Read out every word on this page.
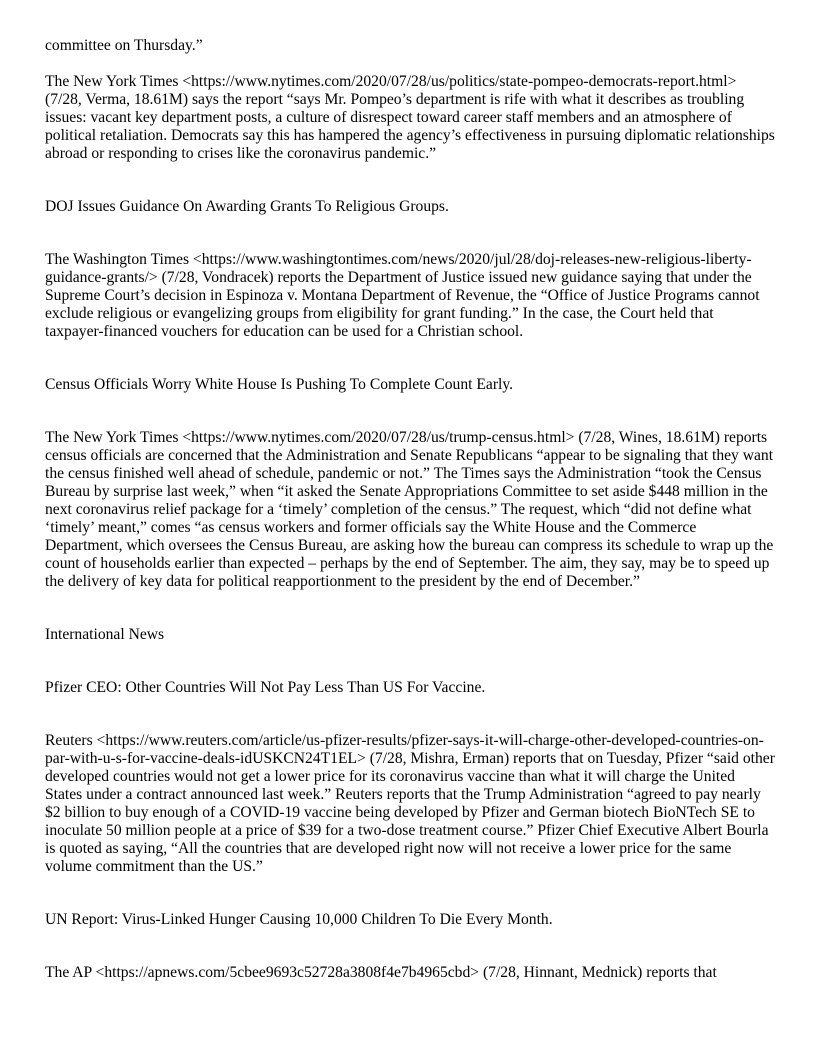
committee on Thursday.”

The New York Times <https://www.nytimes.com/2020/07/28/us/politics/state-pompeo-democrats-report.html> (7/28, Verma, 18.61M) says the report “says Mr. Pompeo’s department is rife with what it describes as troubling issues: vacant key department posts, a culture of disrespect toward career staff members and an atmosphere of political retaliation. Democrats say this has hampered the agency’s effectiveness in pursuing diplomatic relationships abroad or responding to crises like the coronavirus pandemic.”

DOJ Issues Guidance On Awarding Grants To Religious Groups.

The Washington Times <https://www.washingtontimes.com/news/2020/jul/28/doj-releases-new-religious-liberty-guidance-grants/> (7/28, Vondracek) reports the Department of Justice issued new guidance saying that under the Supreme Court’s decision in Espinoza v. Montana Department of Revenue, the “Office of Justice Programs cannot exclude religious or evangelizing groups from eligibility for grant funding.” In the case, the Court held that taxpayer-financed vouchers for education can be used for a Christian school.

Census Officials Worry White House Is Pushing To Complete Count Early.

The New York Times <https://www.nytimes.com/2020/07/28/us/trump-census.html> (7/28, Wines, 18.61M) reports census officials are concerned that the Administration and Senate Republicans “appear to be signaling that they want the census finished well ahead of schedule, pandemic or not.” The Times says the Administration “took the Census Bureau by surprise last week,” when “it asked the Senate Appropriations Committee to set aside $448 million in the next coronavirus relief package for a ‘timely’ completion of the census.” The request, which “did not define what ‘timely’ meant,” comes “as census workers and former officials say the White House and the Commerce Department, which oversees the Census Bureau, are asking how the bureau can compress its schedule to wrap up the count of households earlier than expected – perhaps by the end of September. The aim, they say, may be to speed up the delivery of key data for political reapportionment to the president by the end of December.”

International News

Pfizer CEO: Other Countries Will Not Pay Less Than US For Vaccine.

Reuters <https://www.reuters.com/article/us-pfizer-results/pfizer-says-it-will-charge-other-developed-countries-on-par-with-u-s-for-vaccine-deals-idUSKCN24T1EL> (7/28, Mishra, Erman) reports that on Tuesday, Pfizer “said other developed countries would not get a lower price for its coronavirus vaccine than what it will charge the United States under a contract announced last week.” Reuters reports that the Trump Administration “agreed to pay nearly $2 billion to buy enough of a COVID-19 vaccine being developed by Pfizer and German biotech BioNTech SE to inoculate 50 million people at a price of $39 for a two-dose treatment course.” Pfizer Chief Executive Albert Bourla is quoted as saying, “All the countries that are developed right now will not receive a lower price for the same volume commitment than the US.”

UN Report: Virus-Linked Hunger Causing 10,000 Children To Die Every Month.

The AP <https://apnews.com/5cbee9693c52728a3808f4e7b4965cbd> (7/28, Hinnant, Mednick) reports that
